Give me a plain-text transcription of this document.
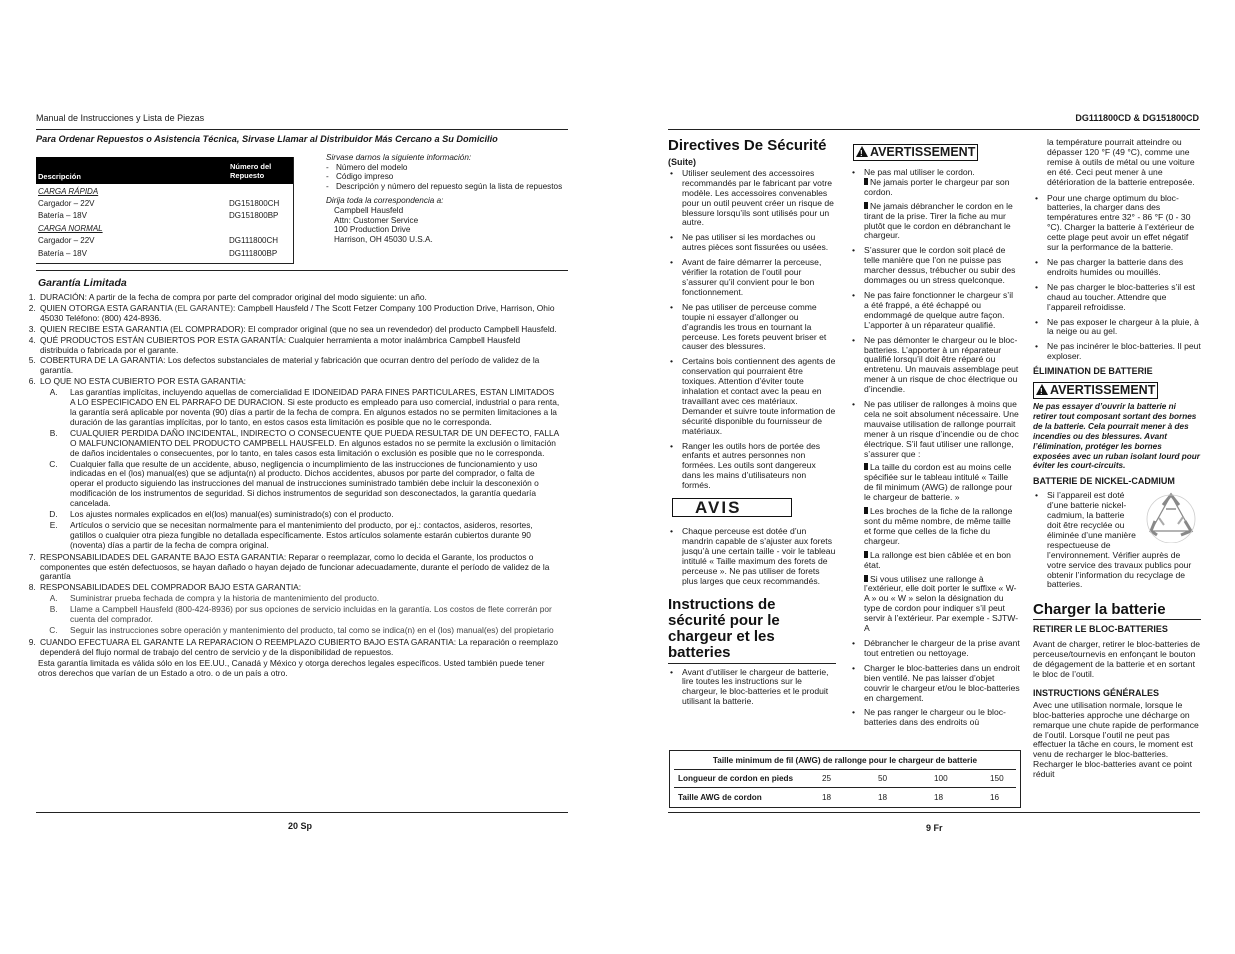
Manual de Instrucciones y Lista de Piezas
Para Ordenar Repuestos o Asistencia Técnica, Sirvase Llamar al Distribuidor Más Cercano a Su Domicilio
Descripción
Número del Repuesto
CARGA RÁPIDA	
Cargador – 22V	DG151800CH
Batería – 18V	DG151800BP
CARGA NORMAL	
Cargador – 22V	DG111800CH
Batería – 18V	DG111800BP
Sirvase darnos la siguiente información:
- Número del modelo
- Código impreso
- Descripción y número del repuesto según la lista de repuestos
Dirija toda la correspondencia a:
Campbell Hausfeld
Attn: Customer Service
100 Production Drive
Harrison, OH 45030 U.S.A.
Garantía Limitada
1. DURACIÓN: A partir de la fecha de compra por parte del comprador original del modo siguiente: un año.
2. QUIEN OTORGA ESTA GARANTIA (EL GARANTE): Campbell Hausfeld / The Scott Fetzer Company 100 Production Drive, Harrison, Ohio 45030 Teléfono: (800) 424-8936.
3. QUIEN RECIBE ESTA GARANTIA (EL COMPRADOR): El comprador original (que no sea un revendedor) del producto Campbell Hausfeld.
4. QUÉ PRODUCTOS ESTÁN CUBIERTOS POR ESTA GARANTÍA: Cualquier herramienta a motor inalámbrica Campbell Hausfeld distribuida o fabricada por el garante.
5. COBERTURA DE LA GARANTIA: Los defectos substanciales de material y fabricación que ocurran dentro del período de validez de la garantía.
6. LO QUE NO ESTA CUBIERTO POR ESTA GARANTIA:
A. Las garantías implícitas, incluyendo aquellas de comercialidad E IDONEIDAD PARA FINES PARTICULARES, ESTAN LIMITADOS A LO ESPECIFICADO EN EL PARRAFO DE DURACION. Si este producto es empleado para uso comercial, industrial o para renta, la garantía será aplicable por noventa (90) días a partir de la fecha de compra. En algunos estados no se permiten limitaciones a la duración de las garantías implícitas, por lo tanto, en estos casos esta limitación es posible que no le corresponda.
B. CUALQUIER PERDIDA DAÑO INCIDENTAL, INDIRECTO O CONSECUENTE QUE PUEDA RESULTAR DE UN DEFECTO, FALLA O MALFUNCIONAMIENTO DEL PRODUCTO CAMPBELL HAUSFELD. En algunos estados no se permite la exclusión o limitación de daños incidentales o consecuentes, por lo tanto, en tales casos esta limitación o exclusión es posible que no le corresponda.
C. Cualquier falla que resulte de un accidente, abuso, negligencia o incumplimiento de las instrucciones de funcionamiento y uso indicadas en el (los) manual(es) que se adjunta(n) al producto. Dichos accidentes, abusos por parte del comprador, o falta de operar el producto siguiendo las instrucciones del manual de instrucciones suministrado también debe incluir la desconexión o modificación de los instrumentos de seguridad. Si dichos instrumentos de seguridad son desconectados, la garantía quedaría cancelada.
D. Los ajustes normales explicados en el(los) manual(es) suministrado(s) con el producto.
E. Artículos o servicio que se necesitan normalmente para el mantenimiento del producto, por ej.: contactos, asideros, resortes, gatillos o cualquier otra pieza fungible no detallada específicamente. Estos artículos solamente estarán cubiertos durante 90 (noventa) días a partir de la fecha de compra original.
7. RESPONSABILIDADES DEL GARANTE BAJO ESTA GARANTIA: Reparar o reemplazar, como lo decida el Garante, los productos o componentes que estén defectuosos, se hayan dañado o hayan dejado de funcionar adecuadamente, durante el período de validez de la garantía
8. RESPONSABILIDADES DEL COMPRADOR BAJO ESTA GARANTIA:
A. Suministrar prueba fechada de compra y la historia de mantenimiento del producto.
B. Llame a Campbell Hausfeld (800-424-8936) por sus opciones de servicio incluidas en la garantía. Los costos de flete correrán por cuenta del comprador.
C. Seguir las instrucciones sobre operación y mantenimiento del producto, tal como se indica(n) en el (los) manual(es) del propietario
9. CUANDO EFECTUARA EL GARANTE LA REPARACION O REEMPLAZO CUBIERTO BAJO ESTA GARANTIA: La reparación o reemplazo dependerá del flujo normal de trabajo del centro de servicio y de la disponibilidad de repuestos.
Esta garantía limitada es válida sólo en los EE.UU., Canadá y México y otorga derechos legales específicos. Usted también puede tener otros derechos que varían de un Estado a otro. o de un país a otro.
20 Sp
DG111800CD & DG151800CD
Directives De Sécurité
(Suite)
• Utiliser seulement des accessoires recommandés par le fabricant par votre modèle. Les accessoires convenables pour un outil peuvent créer un risque de blessure lorsqu’ils sont utilisés pour un autre.
• Ne pas utiliser si les mordaches ou autres pièces sont fissurées ou usées.
• Avant de faire démarrer la perceuse, vérifier la rotation de l’outil pour s’assurer qu’il convient pour le bon fonctionnement.
• Ne pas utiliser de perceuse comme toupie ni essayer d’allonger ou d’agrandis les trous en tournant la perceuse. Les forets peuvent briser et causer des blessures.
• Certains bois contiennent des agents de conservation qui pourraient être toxiques. Attention d’éviter toute inhalation et contact avec la peau en travaillant avec ces matériaux. Demander et suivre toute information de sécurité disponible du fournisseur de matériaux.
• Ranger les outils hors de portée des enfants et autres personnes non formées. Les outils sont dangereux dans les mains d’utilisateurs non formés.
AVIS
• Chaque perceuse est dotée d’un mandrin capable de s’ajuster aux forets jusqu’à une certain taille - voir le tableau intitulé « Taille maximum des forets de perceuse ». Ne pas utiliser de forets plus larges que ceux recommandés.
Instructions de sécurité pour le chargeur et les batteries
• Avant d’utiliser le chargeur de batterie, lire toutes les instructions sur le chargeur, le bloc-batteries et le produit utilisant la batterie.
!AVERTISSEMENT
• Ne pas mal utiliser le cordon.
Ne jamais porter le chargeur par son cordon.
Ne jamais débrancher le cordon en le tirant de la prise. Tirer la fiche au mur plutôt que le cordon en débranchant le chargeur.
• S’assurer que le cordon soit placé de telle manière que l’on ne puisse pas marcher dessus, trébucher ou subir des dommages ou un stress quelconque.
• Ne pas faire fonctionner le chargeur s’il a été frappé, a été échappé ou endommagé de quelque autre façon. L’apporter à un réparateur qualifié.
• Ne pas démonter le chargeur ou le bloc-batteries. L’apporter à un réparateur qualifié lorsqu’il doit être réparé ou entretenu. Un mauvais assemblage peut mener à un risque de choc électrique ou d’incendie.
• Ne pas utiliser de rallonges à moins que cela ne soit absolument nécessaire. Une mauvaise utilisation de rallonge pourrait mener à un risque d’incendie ou de choc électrique. S’il faut utiliser une rallonge, s’assurer que :
La taille du cordon est au moins celle spécifiée sur le tableau intitulé « Taille de fil minimum (AWG) de rallonge pour le chargeur de batterie. »
Les broches de la fiche de la rallonge sont du même nombre, de même taille et forme que celles de la fiche du chargeur.
La rallonge est bien câblée et en bon état.
Si vous utilisez une rallonge à l’extérieur, elle doit porter le suffixe « W-A » ou « W » selon la désignation du type de cordon pour indiquer s’il peut servir à l’extérieur. Par exemple - SJTW-A
• Débrancher le chargeur de la prise avant tout entretien ou nettoyage.
• Charger le bloc-batteries dans un endroit bien ventilé. Ne pas laisser d’objet couvrir le chargeur et/ou le bloc-batteries en chargement.
• Ne pas ranger le chargeur ou le bloc-batteries dans des endroits où
la température pourrait atteindre ou dépasser 120 °F (49 °C), comme une remise à outils de métal ou une voiture en été. Ceci peut mener à une détérioration de la batterie entreposée.
• Pour une charge optimum du bloc-batteries, la charger dans des températures entre 32° - 86 °F (0 - 30 °C). Charger la batterie à l’extérieur de cette plage peut avoir un effet négatif sur la performance de la batterie.
• Ne pas charger la batterie dans des endroits humides ou mouillés.
• Ne pas charger le bloc-batteries s’il est chaud au toucher. Attendre que l’appareil refroidisse.
• Ne pas exposer le chargeur à la pluie, à la neige ou au gel.
• Ne pas incinérer le bloc-batteries. Il peut exploser.
ÉLIMINATION DE BATTERIE
!AVERTISSEMENT
Ne pas essayer d’ouvrir la batterie ni retirer tout composant sortant des bornes de la batterie. Cela pourrait mener à des incendies ou des blessures. Avant l’élimination, protéger les bornes exposées avec un ruban isolant lourd pour éviter les court-circuits.
BATTERIE DE NICKEL-CADMIUM
• Si l’appareil est doté d’une batterie nickel-cadmium, la batterie doit être recyclée ou éliminée d’une manière respectueuse de l’environnement. Vérifier auprès de votre service des travaux publics pour obtenir l’information du recyclage de batteries.
Charger la batterie
RETIRER LE BLOC-BATTERIES
Avant de charger, retirer le bloc-batteries de perceuse/tournevis en enfonçant le bouton de dégagement de la batterie et en sortant le bloc de l’outil.
INSTRUCTIONS GÉNÉRALES
Avec une utilisation normale, lorsque le bloc-batteries approche une décharge on remarque une chute rapide de performance de l’outil. Lorsque l’outil ne peut pas effectuer la tâche en cours, le moment est venu de recharger le bloc-batteries. Recharger le bloc-batteries avant ce point réduit
Taille minimum de fil (AWG) de rallonge pour le chargeur de batterie
Longueur de cordon en pieds	25	50	100	150
Taille AWG de cordon	18	18	18	16
9 Fr
